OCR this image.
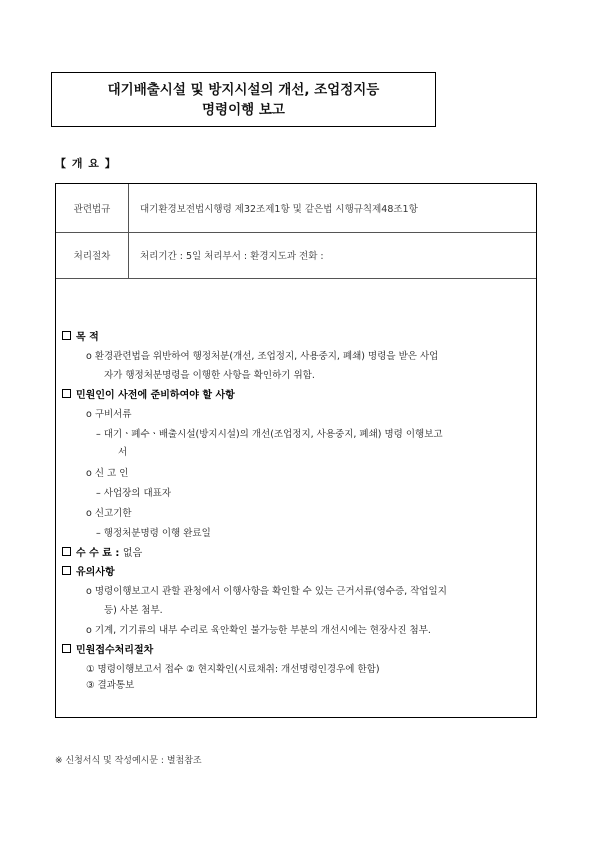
대기배출시설 및 방지시설의 개선, 조업정지등
명령이행 보고
【 개 요 】
관련법규	대기환경보전법시행령 제32조제1항 및 같은법 시행규칙제48조1항
처리절차	처리기간 : 5일 처리부서 : 환경지도과 전화 :
목 적
o 환경관련법을 위반하여 행정처분(개선, 조업정지, 사용중지, 폐쇄) 명령을 받은 사업
자가 행정처분명령을 이행한 사항을 확인하기 위함.
민원인이 사전에 준비하여야 할 사항
o 구비서류
– 대기ㆍ폐수ㆍ배출시설(방지시설)의 개선(조업정지, 사용중지, 폐쇄) 명령 이행보고
서
o 신 고 인
– 사업장의 대표자
o 신고기한
– 행정처분명령 이행 완료일
수 수 료 : 없음
유의사항
o 명령이행보고시 관할 관청에서 이행사항을 확인할 수 있는 근거서류(영수증, 작업일지
등) 사본 첨부.
o 기계, 기기류의 내부 수리로 육안확인 불가능한 부분의 개선시에는 현장사진 첨부.
민원접수처리절차
① 명령이행보고서 접수 ② 현지확인(시료채취: 개선명령인경우에 한함)
③ 결과통보
※ 신청서식 및 작성예시문 : 별첨참조
